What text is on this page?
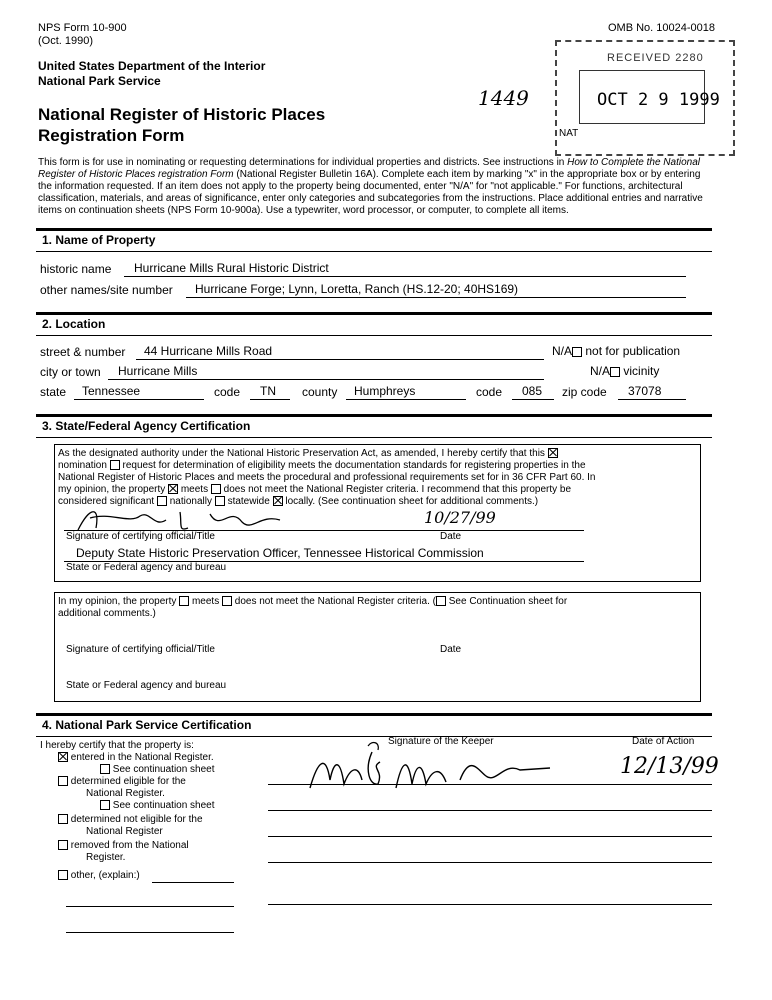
NPS Form 10-900
(Oct. 1990)
OMB No. 10024-0018
United States Department of the Interior
National Park Service
National Register of Historic Places
Registration Form
1449
RECEIVED 2280
OCT 2 9 1999
NAT
This form is for use in nominating or requesting determinations for individual properties and districts. See instructions in How to Complete the National Register of Historic Places registration Form (National Register Bulletin 16A). Complete each item by marking "x" in the appropriate box or by entering the information requested. If an item does not apply to the property being documented, enter "N/A" for "not applicable." For functions, architectural classification, materials, and areas of significance, enter only categories and subcategories from the instructions. Place additional entries and narrative items on continuation sheets (NPS Form 10-900a). Use a typewriter, word processor, or computer, to complete all items.
1. Name of Property
historic name Hurricane Mills Rural Historic District
other names/site number Hurricane Forge; Lynn, Loretta, Ranch (HS.12-20; 40HS169)
2. Location
street & number 44 Hurricane Mills Road	N/A not for publication
city or town Hurricane Mills	N/A vicinity
state Tennessee	code TN county Humphreys	code 085 zip code 37078
3. State/Federal Agency Certification
As the designated authority under the National Historic Preservation Act, as amended, I hereby certify that this
nomination request for determination of eligibility meets the documentation standards for registering properties in the
National Register of Historic Places and meets the procedural and professional requirements set for in 36 CFR Part 60. In
my opinion, the property meets does not meet the National Register criteria. I recommend that this property be
considered significant nationally statewide locally. (See continuation sheet for additional comments.)
10/27/99
Signature of certifying official/Title	Date
Deputy State Historic Preservation Officer, Tennessee Historical Commission
State or Federal agency and bureau
In my opinion, the property meets does not meet the National Register criteria. ( See Continuation sheet for
additional comments.)
Signature of certifying official/Title	Date
State or Federal agency and bureau
4. National Park Service Certification
I hereby certify that the property is:
entered in the National Register.
See continuation sheet
determined eligible for the
National Register.
See continuation sheet
determined not eligible for the
National Register
removed from the National
Register.
other, (explain:)
Signature of the Keeper	Date of Action
12/13/99
